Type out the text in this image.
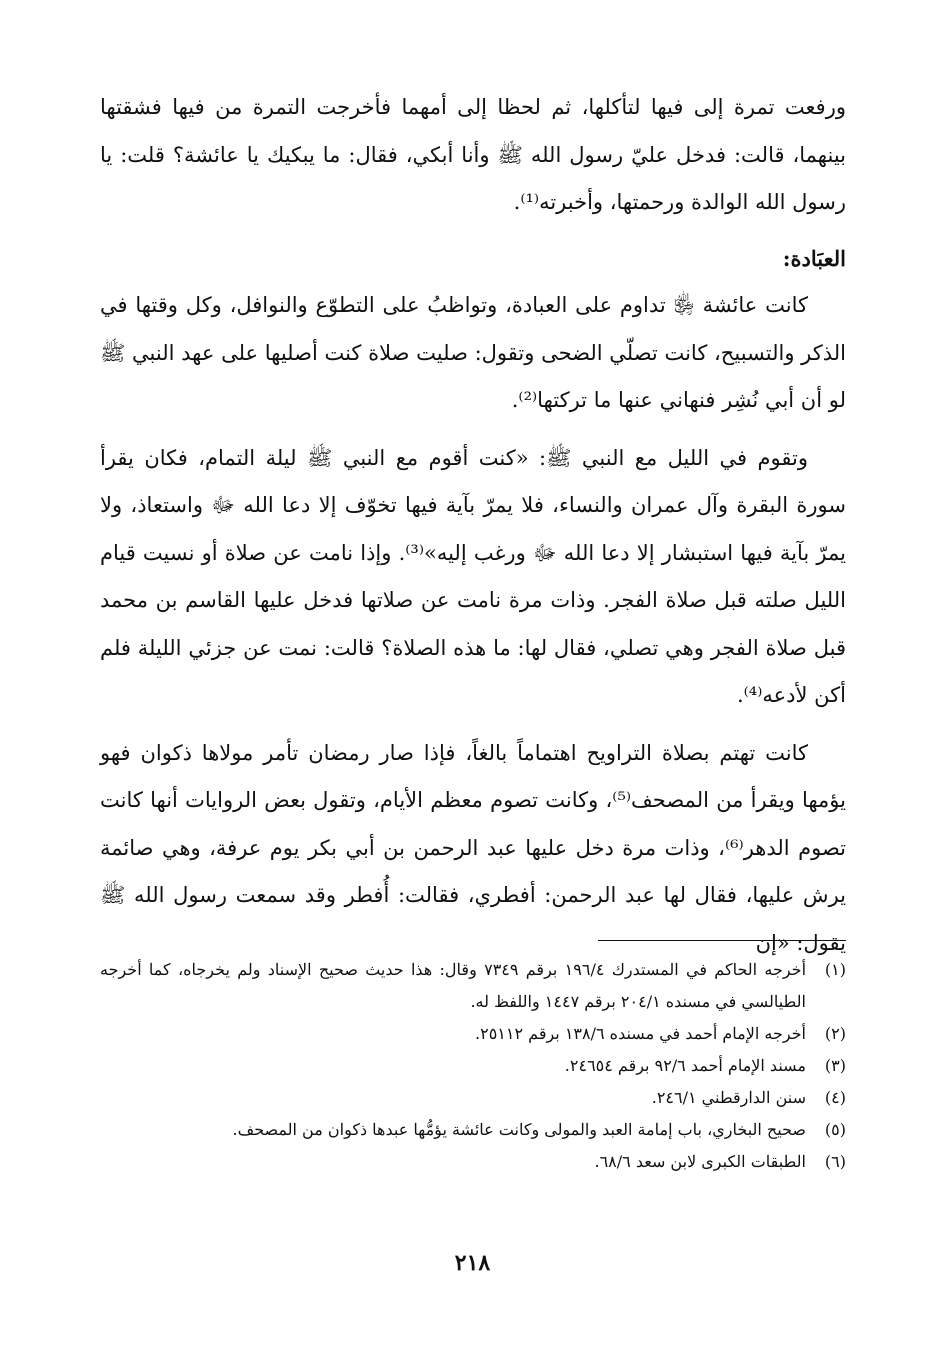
ورفعت تمرة إلى فيها لتأكلها، ثم لحظا إلى أمهما فأخرجت التمرة من فيها فشقتها بينهما، قالت: فدخل عليّ رسول الله ﷺ وأنا أبكي، فقال: ما يبكيك يا عائشة؟ قلت: يا رسول الله الوالدة ورحمتها، وأخبرته⁽¹⁾.

العبَادة:

كانت عائشة ﵂ تداوم على العبادة، وتواظبُ على التطوّع والنوافل، وكل وقتها في الذكر والتسبيح، كانت تصلّي الضحى وتقول: صليت صلاة كنت أصليها على عهد النبي ﷺ لو أن أبي نُشِر فنهاني عنها ما تركتها⁽²⁾.

وتقوم في الليل مع النبي ﷺ: «كنت أقوم مع النبي ﷺ ليلة التمام، فكان يقرأ سورة البقرة وآل عمران والنساء، فلا يمرّ بآية فيها تخوّف إلا دعا الله ﷻ واستعاذ، ولا يمرّ بآية فيها استبشار إلا دعا الله ﷻ ورغب إليه»⁽³⁾. وإذا نامت عن صلاة أو نسيت قيام الليل صلته قبل صلاة الفجر. وذات مرة نامت عن صلاتها فدخل عليها القاسم بن محمد قبل صلاة الفجر وهي تصلي، فقال لها: ما هذه الصلاة؟ قالت: نمت عن جزئي الليلة فلم أكن لأدعه⁽⁴⁾.

كانت تهتم بصلاة التراويح اهتماماً بالغاً، فإذا صار رمضان تأمر مولاها ذكوان فهو يؤمها ويقرأ من المصحف⁽⁵⁾، وكانت تصوم معظم الأيام، وتقول بعض الروايات أنها كانت تصوم الدهر⁽⁶⁾، وذات مرة دخل عليها عبد الرحمن بن أبي بكر يوم عرفة، وهي صائمة يرش عليها، فقال لها عبد الرحمن: أفطري، فقالت: أُفطر وقد سمعت رسول الله ﷺ يقول: «إن

(١)
أخرجه الحاكم في المستدرك ١٩٦/٤ برقم ٧٣٤٩ وقال: هذا حديث صحيح الإسناد ولم يخرجاه، كما أخرجه الطيالسي في مسنده ٢٠٤/١ برقم ١٤٤٧ واللفظ له.
(٢)
أخرجه الإمام أحمد في مسنده ١٣٨/٦ برقم ٢٥١١٢.
(٣)
مسند الإمام أحمد ٩٢/٦ برقم ٢٤٦٥٤.
(٤)
سنن الدارقطني ٢٤٦/١.
(٥)
صحيح البخاري، باب إمامة العبد والمولى وكانت عائشة يؤمُّها عبدها ذكوان من المصحف.
(٦)
الطبقات الكبرى لابن سعد ٦٨/٦.
٢١٨
